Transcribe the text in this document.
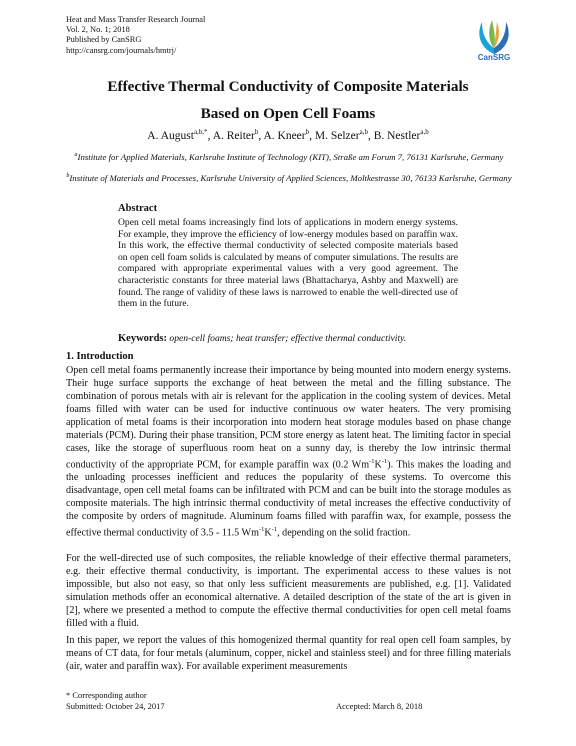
Heat and Mass Transfer Research Journal
Vol. 2, No. 1; 2018
Published by CanSRG
http://cansrg.com/journals/hmtrj/
CanSRG
Effective Thermal Conductivity of Composite Materials
Based on Open Cell Foams
A. August$^{a,b,*}$, A. Reiter$^b$, A. Kneer$^b$, M. Selzer$^{a,b}$, B. Nestler$^{a,b}$
$^a$Institute for Applied Materials, Karlsruhe Institute of Technology (KIT), Straße am Forum 7, 76131 Karlsruhe, Germany
$^b$Institute of Materials and Processes, Karlsruhe University of Applied Sciences, Moltkestrasse 30, 76133 Karlsruhe, Germany
Abstract
Open cell metal foams increasingly find lots of applications in modern energy systems. For example, they improve the efficiency of low-energy modules based on paraffin wax. In this work, the effective thermal conductivity of selected composite materials based on open cell foam solids is calculated by means of computer simulations. The results are compared with appropriate experimental values with a very good agreement. The characteristic constants for three material laws (Bhattacharya, Ashby and Maxwell) are found. The range of validity of these laws is narrowed to enable the well-directed use of them in the future.
Keywords: open-cell foams; heat transfer; effective thermal conductivity.
1. Introduction
Open cell metal foams permanently increase their importance by being mounted into modern energy systems. Their huge surface supports the exchange of heat between the metal and the filling substance. The combination of porous metals with air is relevant for the application in the cooling system of devices. Metal foams filled with water can be used for inductive continuous ow water heaters. The very promising application of metal foams is their incorporation into modern heat storage modules based on phase change materials (PCM). During their phase transition, PCM store energy as latent heat. The limiting factor in special cases, like the storage of superfluous room heat on a sunny day, is thereby the low intrinsic thermal conductivity of the appropriate PCM, for example paraffin wax (0.2 $Wm^{-1}K^{-1}$). This makes the loading and the unloading processes inefficient and reduces the popularity of these systems. To overcome this disadvantage, open cell metal foams can be infiltrated with PCM and can be built into the storage modules as composite materials. The high intrinsic thermal conductivity of metal increases the effective conductivity of the composite by orders of magnitude. Aluminum foams filled with paraffin wax, for example, possess the effective thermal conductivity of 3.5 - 11.5 $Wm^{-1}K^{-1}$, depending on the solid fraction.
For the well-directed use of such composites, the reliable knowledge of their effective thermal parameters, e.g. their effective thermal conductivity, is important. The experimental access to these values is not impossible, but also not easy, so that only less sufficient measurements are published, e.g. [1]. Validated simulation methods offer an economical alternative. A detailed description of the state of the art is given in [2], where we presented a method to compute the effective thermal conductivities for open cell metal foams filled with a fluid.
In this paper, we report the values of this homogenized thermal quantity for real open cell foam samples, by means of CT data, for four metals (aluminum, copper, nickel and stainless steel) and for three filling materials (air, water and paraffin wax). For available experiment measurements
* Corresponding author
Submitted: October 24, 2017	Accepted: March 8, 2018
